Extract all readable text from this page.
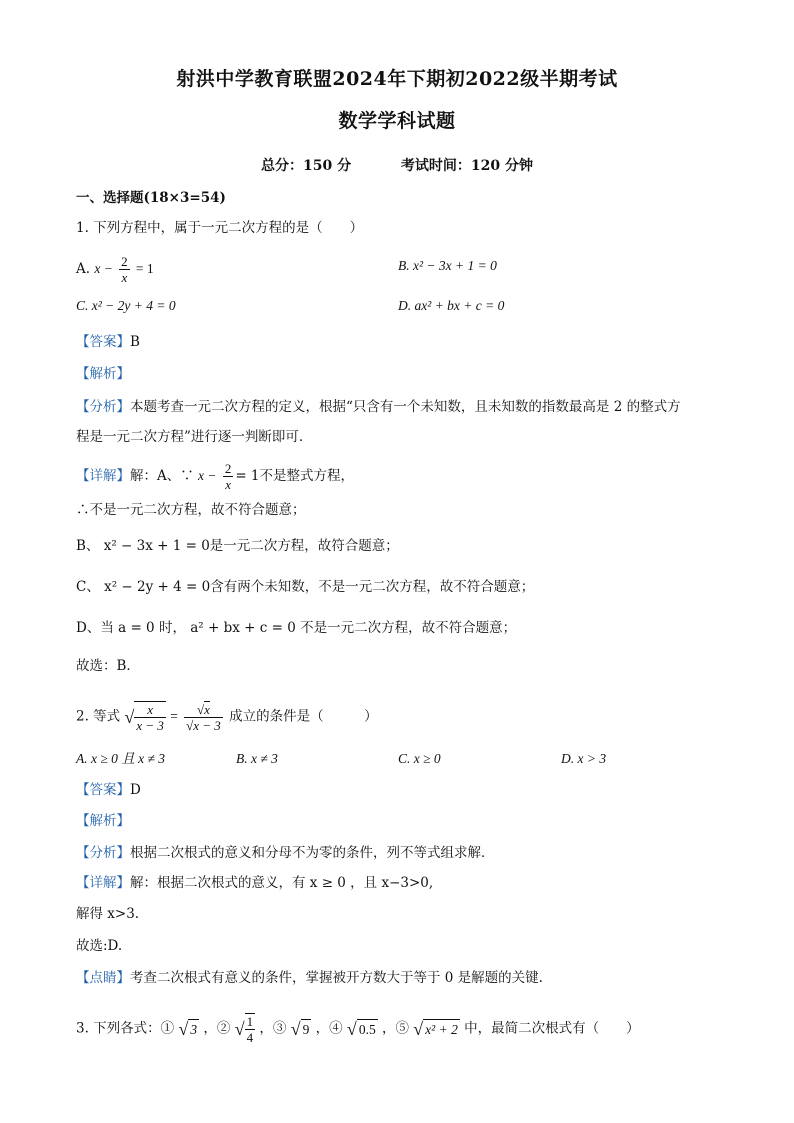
射洪中学教育联盟2024年下期初2022级半期考试
数学学科试题
总分：150 分	考试时间：120 分钟
一、选择题(18×3=54)
1. 下列方程中，属于一元二次方程的是（　　）
A. $x - \frac{2}{x} = 1$	B. x² − 3x + 1 = 0
C. x² − 2y + 4 = 0	D. ax² + bx + c = 0
【答案】B
【解析】
【分析】本题考查一元二次方程的定义，根据“只含有一个未知数，且未知数的指数最高是 2 的整式方
程是一元二次方程”进行逐一判断即可．
【详解】解：A、∵ $x - \frac{2}{x} = 1$不是整式方程，
∴不是一元二次方程，故不符合题意；
B、 x² − 3x + 1 = 0是一元二次方程，故符合题意；
C、 x² − 2y + 4 = 0含有两个未知数，不是一元二次方程，故不符合题意；
D、当 a = 0 时， a² + bx + c = 0 不是一元二次方程，故不符合题意；
故选：B．
2. 等式 √ $\frac{x}{x - 3} = \frac{√x}{√x - 3}$ 成立的条件是（　　　）
A. x ≥ 0 且 x ≠ 3	B. x ≠ 3	C. x ≥ 0	D. x > 3
【答案】D
【解析】
【分析】根据二次根式的意义和分母不为零的条件，列不等式组求解．
【详解】解：根据二次根式的意义，有 x ≥ 0 ，且 x−3>0,
解得 x>3.
故选:D.
【点睛】考查二次根式有意义的条件，掌握被开方数大于等于 0 是解题的关键.
3. 下列各式：① √ 3 ，② √ $\frac{1}{4}$ ，③ √ 9 ，④ √ 0.5 ，⑤ √ x² + 2 中，最简二次根式有（　　）
